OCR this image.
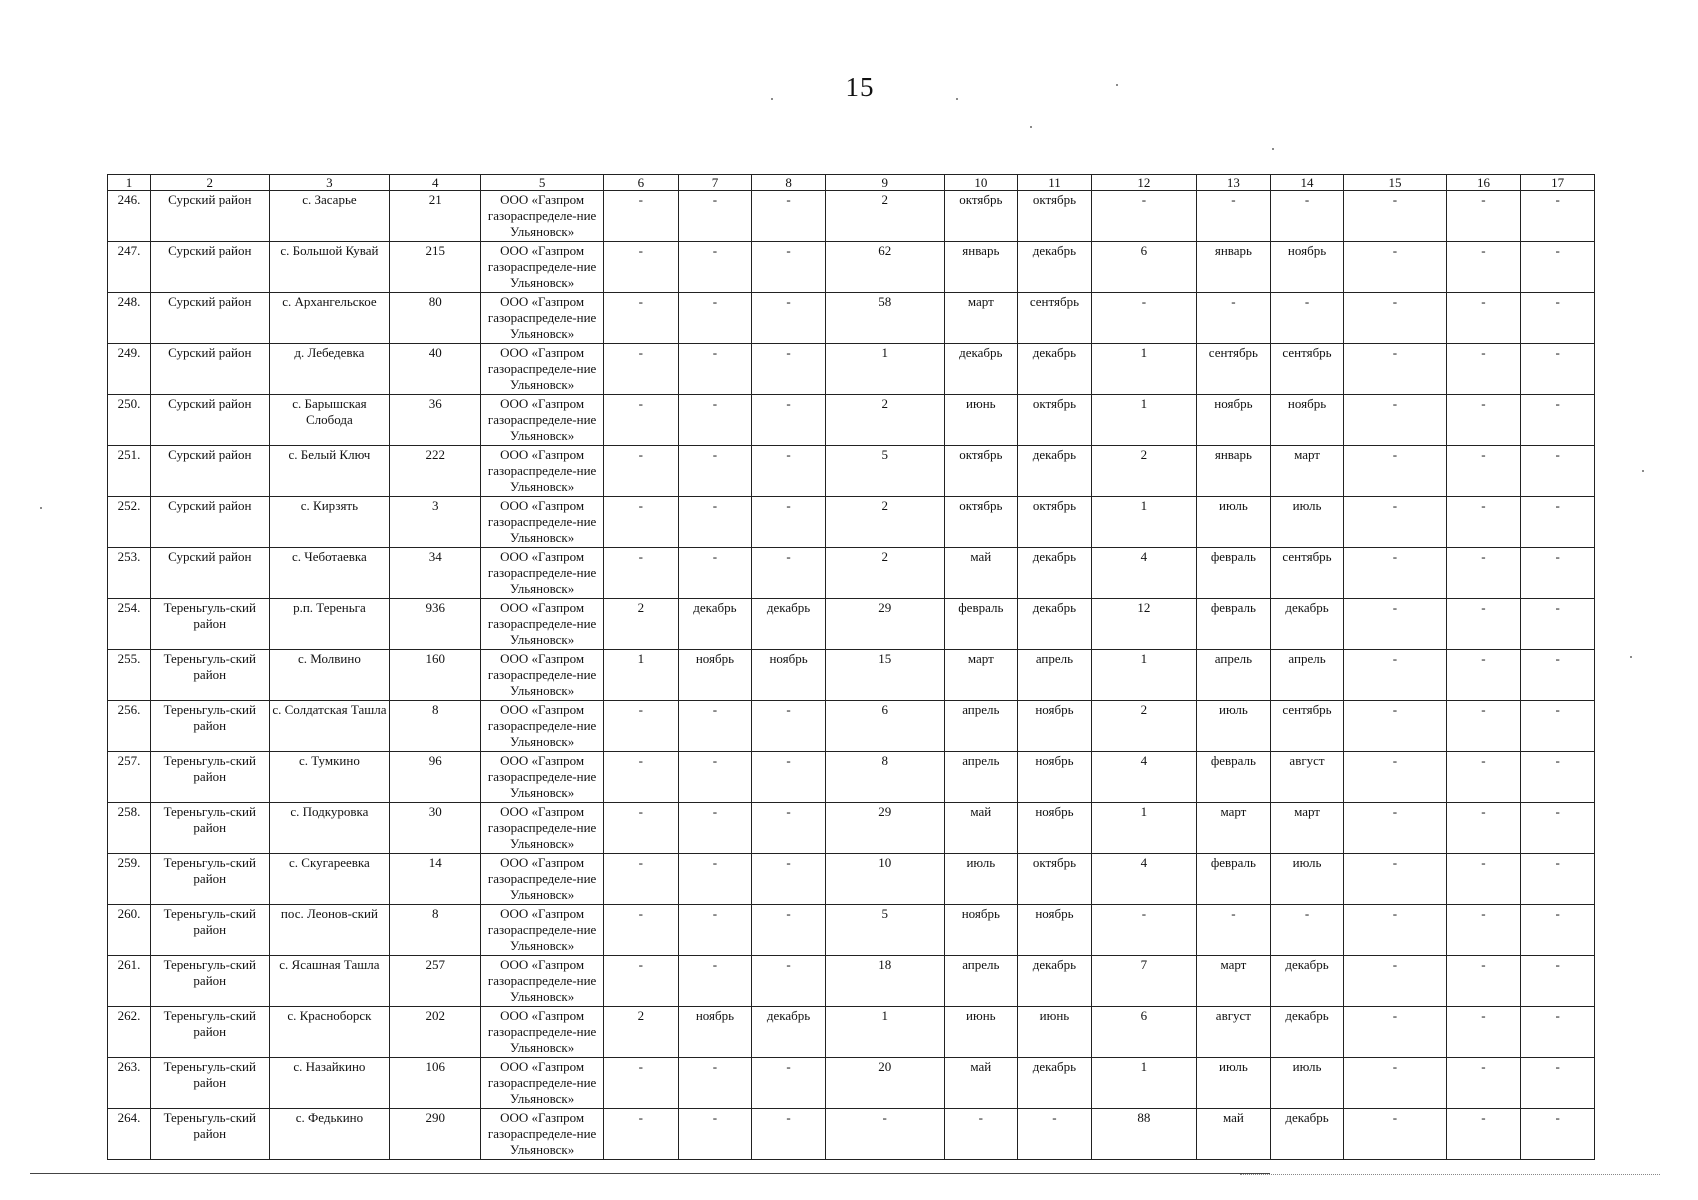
15
1	2	3	4	5	6	7	8	9	10	11	12	13	14	15	16	17
246.	Сурский район	с. Засарье	21	ООО «Газпром газораспределе-ние Ульяновск»	-	-	-	2	октябрь	октябрь	-	-	-	-	-	-
247.	Сурский район	с. Большой Кувай	215	ООО «Газпром газораспределе-ние Ульяновск»	-	-	-	62	январь	декабрь	6	январь	ноябрь	-	-	-
248.	Сурский район	с. Архангельское	80	ООО «Газпром газораспределе-ние Ульяновск»	-	-	-	58	март	сентябрь	-	-	-	-	-	-
249.	Сурский район	д. Лебедевка	40	ООО «Газпром газораспределе-ние Ульяновск»	-	-	-	1	декабрь	декабрь	1	сентябрь	сентябрь	-	-	-
250.	Сурский район	с. Барышская Слобода	36	ООО «Газпром газораспределе-ние Ульяновск»	-	-	-	2	июнь	октябрь	1	ноябрь	ноябрь	-	-	-
251.	Сурский район	с. Белый Ключ	222	ООО «Газпром газораспределе-ние Ульяновск»	-	-	-	5	октябрь	декабрь	2	январь	март	-	-	-
252.	Сурский район	с. Кирзять	3	ООО «Газпром газораспределе-ние Ульяновск»	-	-	-	2	октябрь	октябрь	1	июль	июль	-	-	-
253.	Сурский район	с. Чеботаевка	34	ООО «Газпром газораспределе-ние Ульяновск»	-	-	-	2	май	декабрь	4	февраль	сентябрь	-	-	-
254.	Тереньгуль-ский район	р.п. Тереньга	936	ООО «Газпром газораспределе-ние Ульяновск»	2	декабрь	декабрь	29	февраль	декабрь	12	февраль	декабрь	-	-	-
255.	Тереньгуль-ский район	с. Молвино	160	ООО «Газпром газораспределе-ние Ульяновск»	1	ноябрь	ноябрь	15	март	апрель	1	апрель	апрель	-	-	-
256.	Тереньгуль-ский район	с. Солдатская Ташла	8	ООО «Газпром газораспределе-ние Ульяновск»	-	-	-	6	апрель	ноябрь	2	июль	сентябрь	-	-	-
257.	Тереньгуль-ский район	с. Тумкино	96	ООО «Газпром газораспределе-ние Ульяновск»	-	-	-	8	апрель	ноябрь	4	февраль	август	-	-	-
258.	Тереньгуль-ский район	с. Подкуровка	30	ООО «Газпром газораспределе-ние Ульяновск»	-	-	-	29	май	ноябрь	1	март	март	-	-	-
259.	Тереньгуль-ский район	с. Скугареевка	14	ООО «Газпром газораспределе-ние Ульяновск»	-	-	-	10	июль	октябрь	4	февраль	июль	-	-	-
260.	Тереньгуль-ский район	пос. Леонов-ский	8	ООО «Газпром газораспределе-ние Ульяновск»	-	-	-	5	ноябрь	ноябрь	-	-	-	-	-	-
261.	Тереньгуль-ский район	с. Ясашная Ташла	257	ООО «Газпром газораспределе-ние Ульяновск»	-	-	-	18	апрель	декабрь	7	март	декабрь	-	-	-
262.	Тереньгуль-ский район	с. Красноборск	202	ООО «Газпром газораспределе-ние Ульяновск»	2	ноябрь	декабрь	1	июнь	июнь	6	август	декабрь	-	-	-
263.	Тереньгуль-ский район	с. Назайкино	106	ООО «Газпром газораспределе-ние Ульяновск»	-	-	-	20	май	декабрь	1	июль	июль	-	-	-
264.	Тереньгуль-ский район	с. Федькино	290	ООО «Газпром газораспределе-ние Ульяновск»	-	-	-	-	-	-	88	май	декабрь	-	-	-
